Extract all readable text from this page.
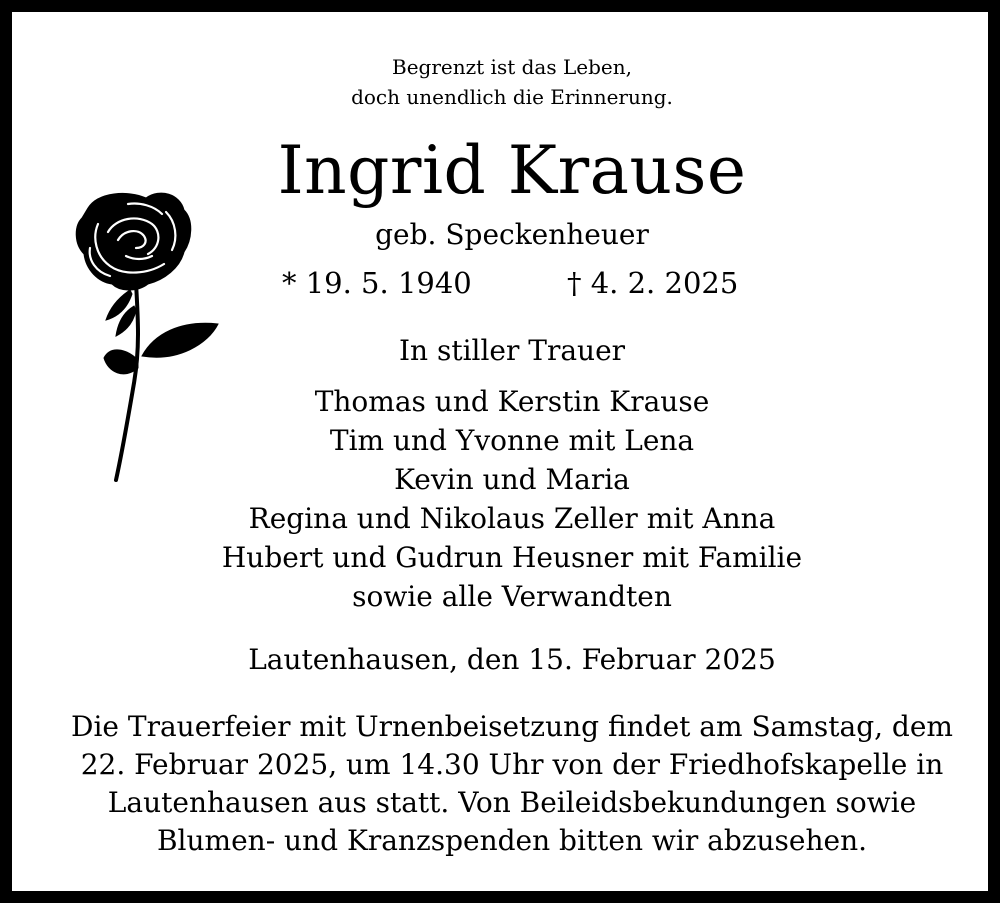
Begrenzt ist das Leben,
doch unendlich die Erinnerung.
Ingrid Krause
geb. Speckenheuer
* 19. 5. 1940	† 4. 2. 2025
In stiller Trauer
Thomas und Kerstin Krause
Tim und Yvonne mit Lena
Kevin und Maria
Regina und Nikolaus Zeller mit Anna
Hubert und Gudrun Heusner mit Familie
sowie alle Verwandten
Lautenhausen, den 15. Februar 2025
Die Trauerfeier mit Urnenbeisetzung findet am Samstag, dem
22. Februar 2025, um 14.30 Uhr von der Friedhofskapelle in
Lautenhausen aus statt. Von Beileidsbekundungen sowie
Blumen- und Kranzspenden bitten wir abzusehen.
